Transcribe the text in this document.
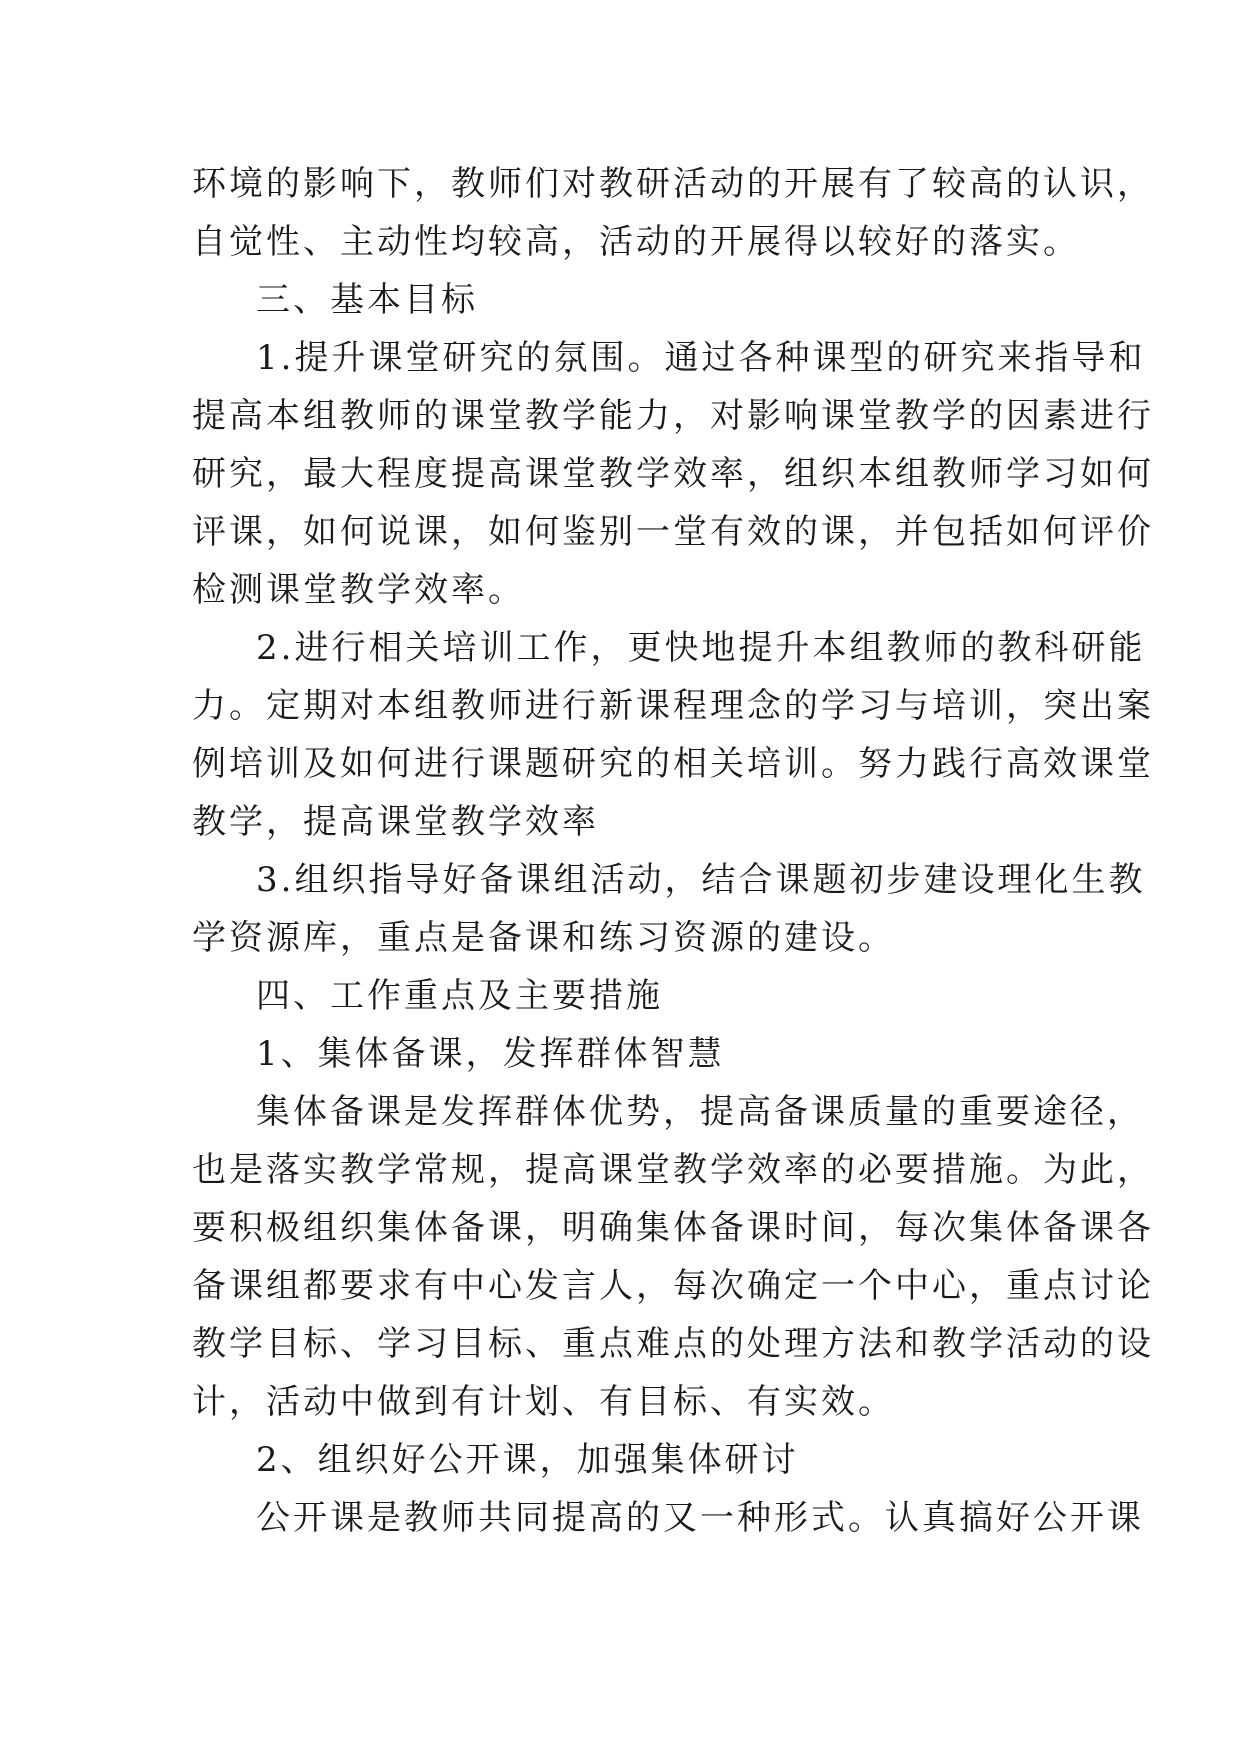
环境的影响下，教师们对教研活动的开展有了较高的认识，
自觉性、主动性均较高，活动的开展得以较好的落实。
三、基本目标
1.提升课堂研究的氛围。通过各种课型的研究来指导和
提高本组教师的课堂教学能力，对影响课堂教学的因素进行
研究，最大程度提高课堂教学效率，组织本组教师学习如何
评课，如何说课，如何鉴别一堂有效的课，并包括如何评价
检测课堂教学效率。
2.进行相关培训工作，更快地提升本组教师的教科研能
力。定期对本组教师进行新课程理念的学习与培训，突出案
例培训及如何进行课题研究的相关培训。努力践行高效课堂
教学，提高课堂教学效率
3.组织指导好备课组活动，结合课题初步建设理化生教
学资源库，重点是备课和练习资源的建设。
四、工作重点及主要措施
1、集体备课，发挥群体智慧
集体备课是发挥群体优势，提高备课质量的重要途径，
也是落实教学常规，提高课堂教学效率的必要措施。为此，
要积极组织集体备课，明确集体备课时间，每次集体备课各
备课组都要求有中心发言人，每次确定一个中心，重点讨论
教学目标、学习目标、重点难点的处理方法和教学活动的设
计，活动中做到有计划、有目标、有实效。
2、组织好公开课，加强集体研讨
公开课是教师共同提高的又一种形式。认真搞好公开课
